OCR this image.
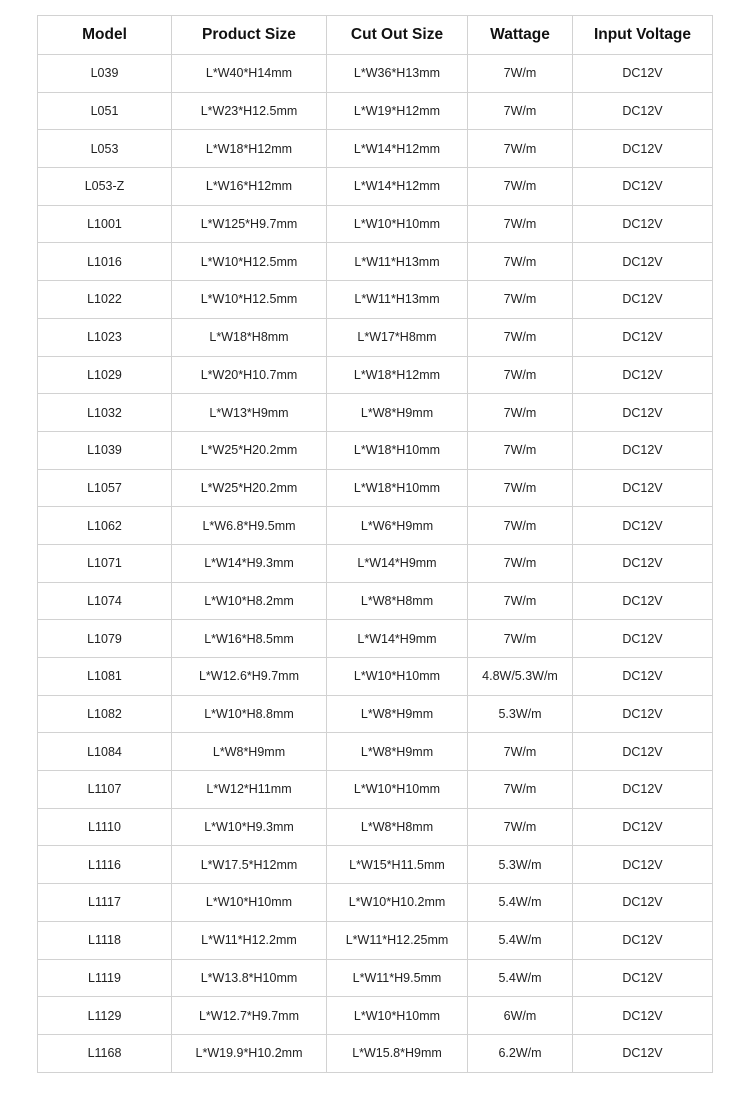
Model	Product Size	Cut Out Size	Wattage	Input Voltage
L039	L*W40*H14mm	L*W36*H13mm	7W/m	DC12V
L051	L*W23*H12.5mm	L*W19*H12mm	7W/m	DC12V
L053	L*W18*H12mm	L*W14*H12mm	7W/m	DC12V
L053-Z	L*W16*H12mm	L*W14*H12mm	7W/m	DC12V
L1001	L*W125*H9.7mm	L*W10*H10mm	7W/m	DC12V
L1016	L*W10*H12.5mm	L*W11*H13mm	7W/m	DC12V
L1022	L*W10*H12.5mm	L*W11*H13mm	7W/m	DC12V
L1023	L*W18*H8mm	L*W17*H8mm	7W/m	DC12V
L1029	L*W20*H10.7mm	L*W18*H12mm	7W/m	DC12V
L1032	L*W13*H9mm	L*W8*H9mm	7W/m	DC12V
L1039	L*W25*H20.2mm	L*W18*H10mm	7W/m	DC12V
L1057	L*W25*H20.2mm	L*W18*H10mm	7W/m	DC12V
L1062	L*W6.8*H9.5mm	L*W6*H9mm	7W/m	DC12V
L1071	L*W14*H9.3mm	L*W14*H9mm	7W/m	DC12V
L1074	L*W10*H8.2mm	L*W8*H8mm	7W/m	DC12V
L1079	L*W16*H8.5mm	L*W14*H9mm	7W/m	DC12V
L1081	L*W12.6*H9.7mm	L*W10*H10mm	4.8W/5.3W/m	DC12V
L1082	L*W10*H8.8mm	L*W8*H9mm	5.3W/m	DC12V
L1084	L*W8*H9mm	L*W8*H9mm	7W/m	DC12V
L1107	L*W12*H11mm	L*W10*H10mm	7W/m	DC12V
L1110	L*W10*H9.3mm	L*W8*H8mm	7W/m	DC12V
L1116	L*W17.5*H12mm	L*W15*H11.5mm	5.3W/m	DC12V
L1117	L*W10*H10mm	L*W10*H10.2mm	5.4W/m	DC12V
L1118	L*W11*H12.2mm	L*W11*H12.25mm	5.4W/m	DC12V
L1119	L*W13.8*H10mm	L*W11*H9.5mm	5.4W/m	DC12V
L1129	L*W12.7*H9.7mm	L*W10*H10mm	6W/m	DC12V
L1168	L*W19.9*H10.2mm	L*W15.8*H9mm	6.2W/m	DC12V
